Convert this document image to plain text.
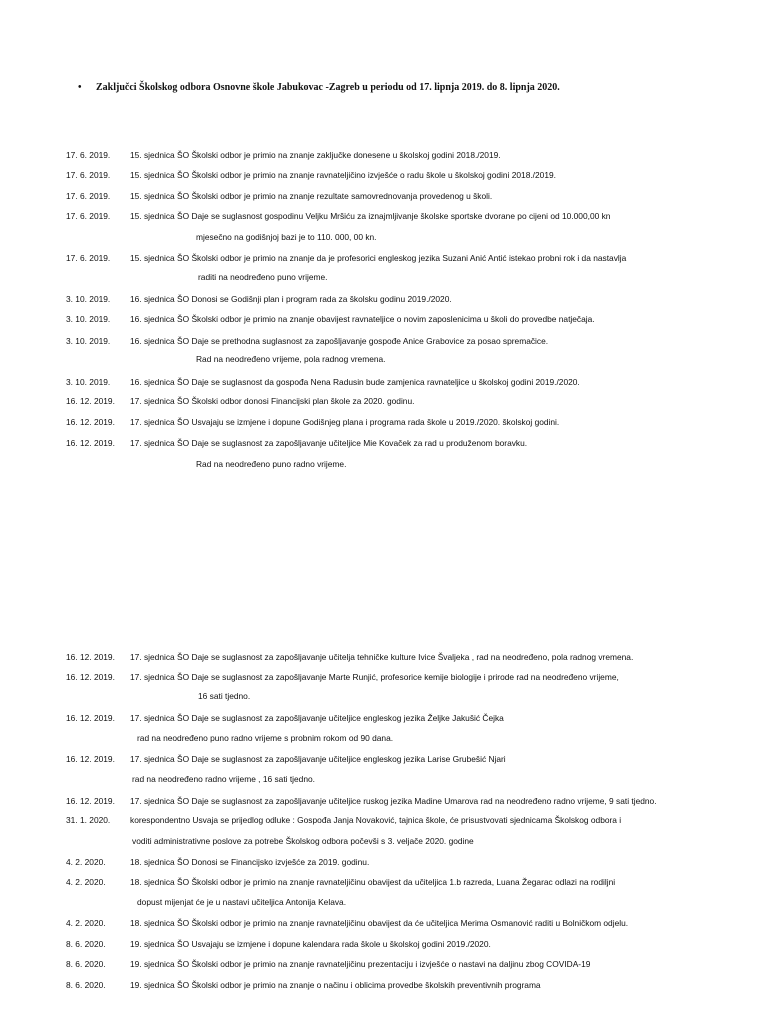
• Zaključci Školskog odbora Osnovne škole Jabukovac -Zagreb u periodu od 17. lipnja 2019. do 8. lipnja 2020.
17. 6. 2019. 15. sjednica ŠO Školski odbor je primio na znanje zaključke donesene u školskoj godini 2018./2019.
17. 6. 2019. 15. sjednica ŠO Školski odbor je primio na znanje ravnateljičino izvješće o radu škole u školskoj godini 2018./2019.
17. 6. 2019. 15. sjednica ŠO Školski odbor je primio na znanje rezultate samovrednovanja provedenog u školi.
17. 6. 2019. 15. sjednica ŠO Daje se suglasnost gospodinu Veljku Mršiću za iznajmljivanje školske sportske dvorane po cijeni od 10.000,00 kn
mjesečno na godišnjoj bazi je to 110. 000, 00 kn.
17. 6. 2019. 15. sjednica ŠO Školski odbor je primio na znanje da je profesorici engleskog jezika Suzani Anić Antić istekao probni rok i da nastavlja
raditi na neodređeno puno vrijeme.
3. 10. 2019. 16. sjednica ŠO Donosi se Godišnji plan i program rada za školsku godinu 2019./2020.
3. 10. 2019. 16. sjednica ŠO Školski odbor je primio na znanje obavijest ravnateljice o novim zaposlenicima u školi do provedbe natječaja.
3. 10. 2019. 16. sjednica ŠO Daje se prethodna suglasnost za zapošljavanje gospođe Anice Grabovice za posao spremačice.
Rad na neodređeno vrijeme, pola radnog vremena.
3. 10. 2019. 16. sjednica ŠO Daje se suglasnost da gospođa Nena Radusin bude zamjenica ravnateljice u školskoj godini 2019./2020.
16. 12. 2019. 17. sjednica ŠO Školski odbor donosi Financijski plan škole za 2020. godinu.
16. 12. 2019. 17. sjednica ŠO Usvajaju se izmjene i dopune Godišnjeg plana i programa rada škole u 2019./2020. školskoj godini.
16. 12. 2019. 17. sjednica ŠO Daje se suglasnost za zapošljavanje učiteljice Mie Kovaček za rad u produženom boravku.
Rad na neodređeno puno radno vrijeme.
16. 12. 2019. 17. sjednica ŠO Daje se suglasnost za zapošljavanje učitelja tehničke kulture Ivice Švaljeka , rad na neodređeno, pola radnog vremena.
16. 12. 2019. 17. sjednica ŠO Daje se suglasnost za zapošljavanje Marte Runjić, profesorice kemije biologije i prirode rad na neodređeno vrijeme,
16 sati tjedno.
16. 12. 2019. 17. sjednica ŠO Daje se suglasnost za zapošljavanje učiteljice engleskog jezika Željke Jakušić Čejka
rad na neodređeno puno radno vrijeme s probnim rokom od 90 dana.
16. 12. 2019. 17. sjednica ŠO Daje se suglasnost za zapošljavanje učiteljice engleskog jezika Larise Grubešić Njari
rad na neodređeno radno vrijeme , 16 sati tjedno.
16. 12. 2019. 17. sjednica ŠO Daje se suglasnost za zapošljavanje učiteljice ruskog jezika Madine Umarova rad na neodređeno radno vrijeme, 9 sati tjedno.
31. 1. 2020. korespondentno Usvaja se prijedlog odluke : Gospođa Janja Novaković, tajnica škole, će prisustvovati sjednicama Školskog odbora i
voditi administrativne poslove za potrebe Školskog odbora počevši s 3. veljače 2020. godine
4. 2. 2020.	18. sjednica ŠO Donosi se Financijsko izvješće za 2019. godinu.
4. 2. 2020.	18. sjednica ŠO Školski odbor je primio na znanje ravnateljičinu obavijest da učiteljica 1.b razreda, Luana Žegarac odlazi na rodiljni
dopust mijenjat će je u nastavi učiteljica Antonija Kelava.
4. 2. 2020.	18. sjednica ŠO Školski odbor je primio na znanje ravnateljičinu obavijest da će učiteljica Merima Osmanović raditi u Bolničkom odjelu.
8. 6. 2020.	19. sjednica ŠO Usvajaju se izmjene i dopune kalendara rada škole u školskoj godini 2019./2020.
8. 6. 2020.	19. sjednica ŠO Školski odbor je primio na znanje ravnateljičinu prezentaciju i izvješće o nastavi na daljinu zbog COVIDA-19
8. 6. 2020.	19. sjednica ŠO Školski odbor je primio na znanje o načinu i oblicima provedbe školskih preventivnih programa
